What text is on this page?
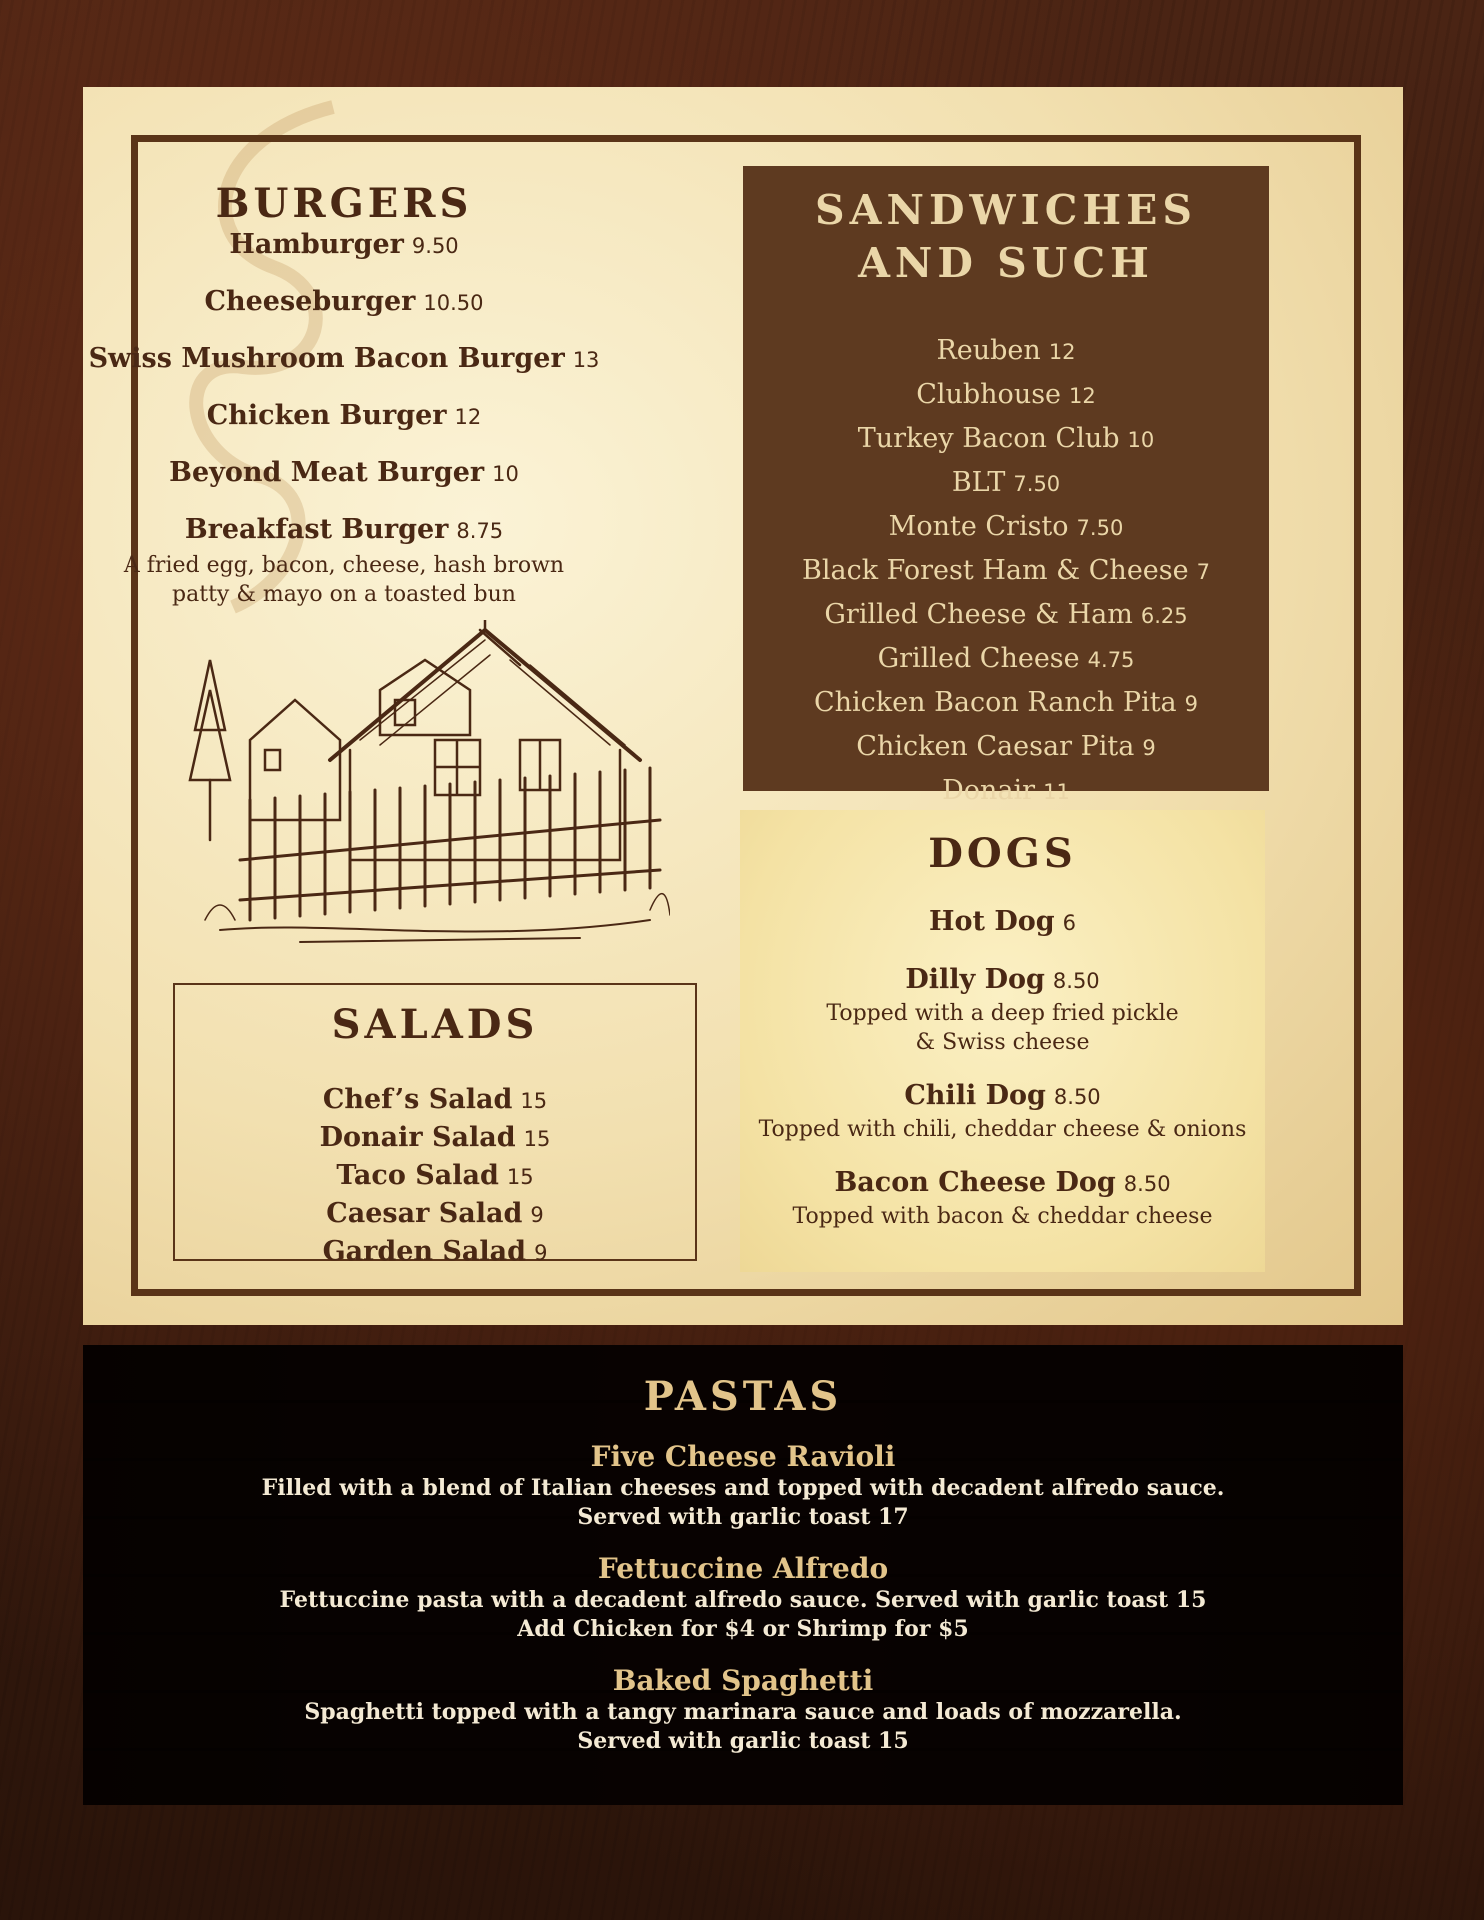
BURGERS
Hamburger 9.50
Cheeseburger 10.50
Swiss Mushroom Bacon Burger 13
Chicken Burger 12
Beyond Meat Burger 10
Breakfast Burger 8.75
A fried egg, bacon, cheese, hash brown
patty & mayo on a toasted bun
SALADS
Chef’s Salad 15
Donair Salad 15
Taco Salad 15
Caesar Salad 9
Garden Salad 9
SANDWICHES
AND SUCH
Reuben 12
Clubhouse 12
Turkey Bacon Club 10
BLT 7.50
Monte Cristo 7.50
Black Forest Ham & Cheese 7
Grilled Cheese & Ham 6.25
Grilled Cheese 4.75
Chicken Bacon Ranch Pita 9
Chicken Caesar Pita 9
Donair 11
DOGS
Hot Dog 6
Dilly Dog 8.50
Topped with a deep fried pickle
& Swiss cheese
Chili Dog 8.50
Topped with chili, cheddar cheese & onions
Bacon Cheese Dog 8.50
Topped with bacon & cheddar cheese
PASTAS
Five Cheese Ravioli
Filled with a blend of Italian cheeses and topped with decadent alfredo sauce.
Served with garlic toast 17
Fettuccine Alfredo
Fettuccine pasta with a decadent alfredo sauce. Served with garlic toast 15
Add Chicken for $4 or Shrimp for $5
Baked Spaghetti
Spaghetti topped with a tangy marinara sauce and loads of mozzarella.
Served with garlic toast 15
